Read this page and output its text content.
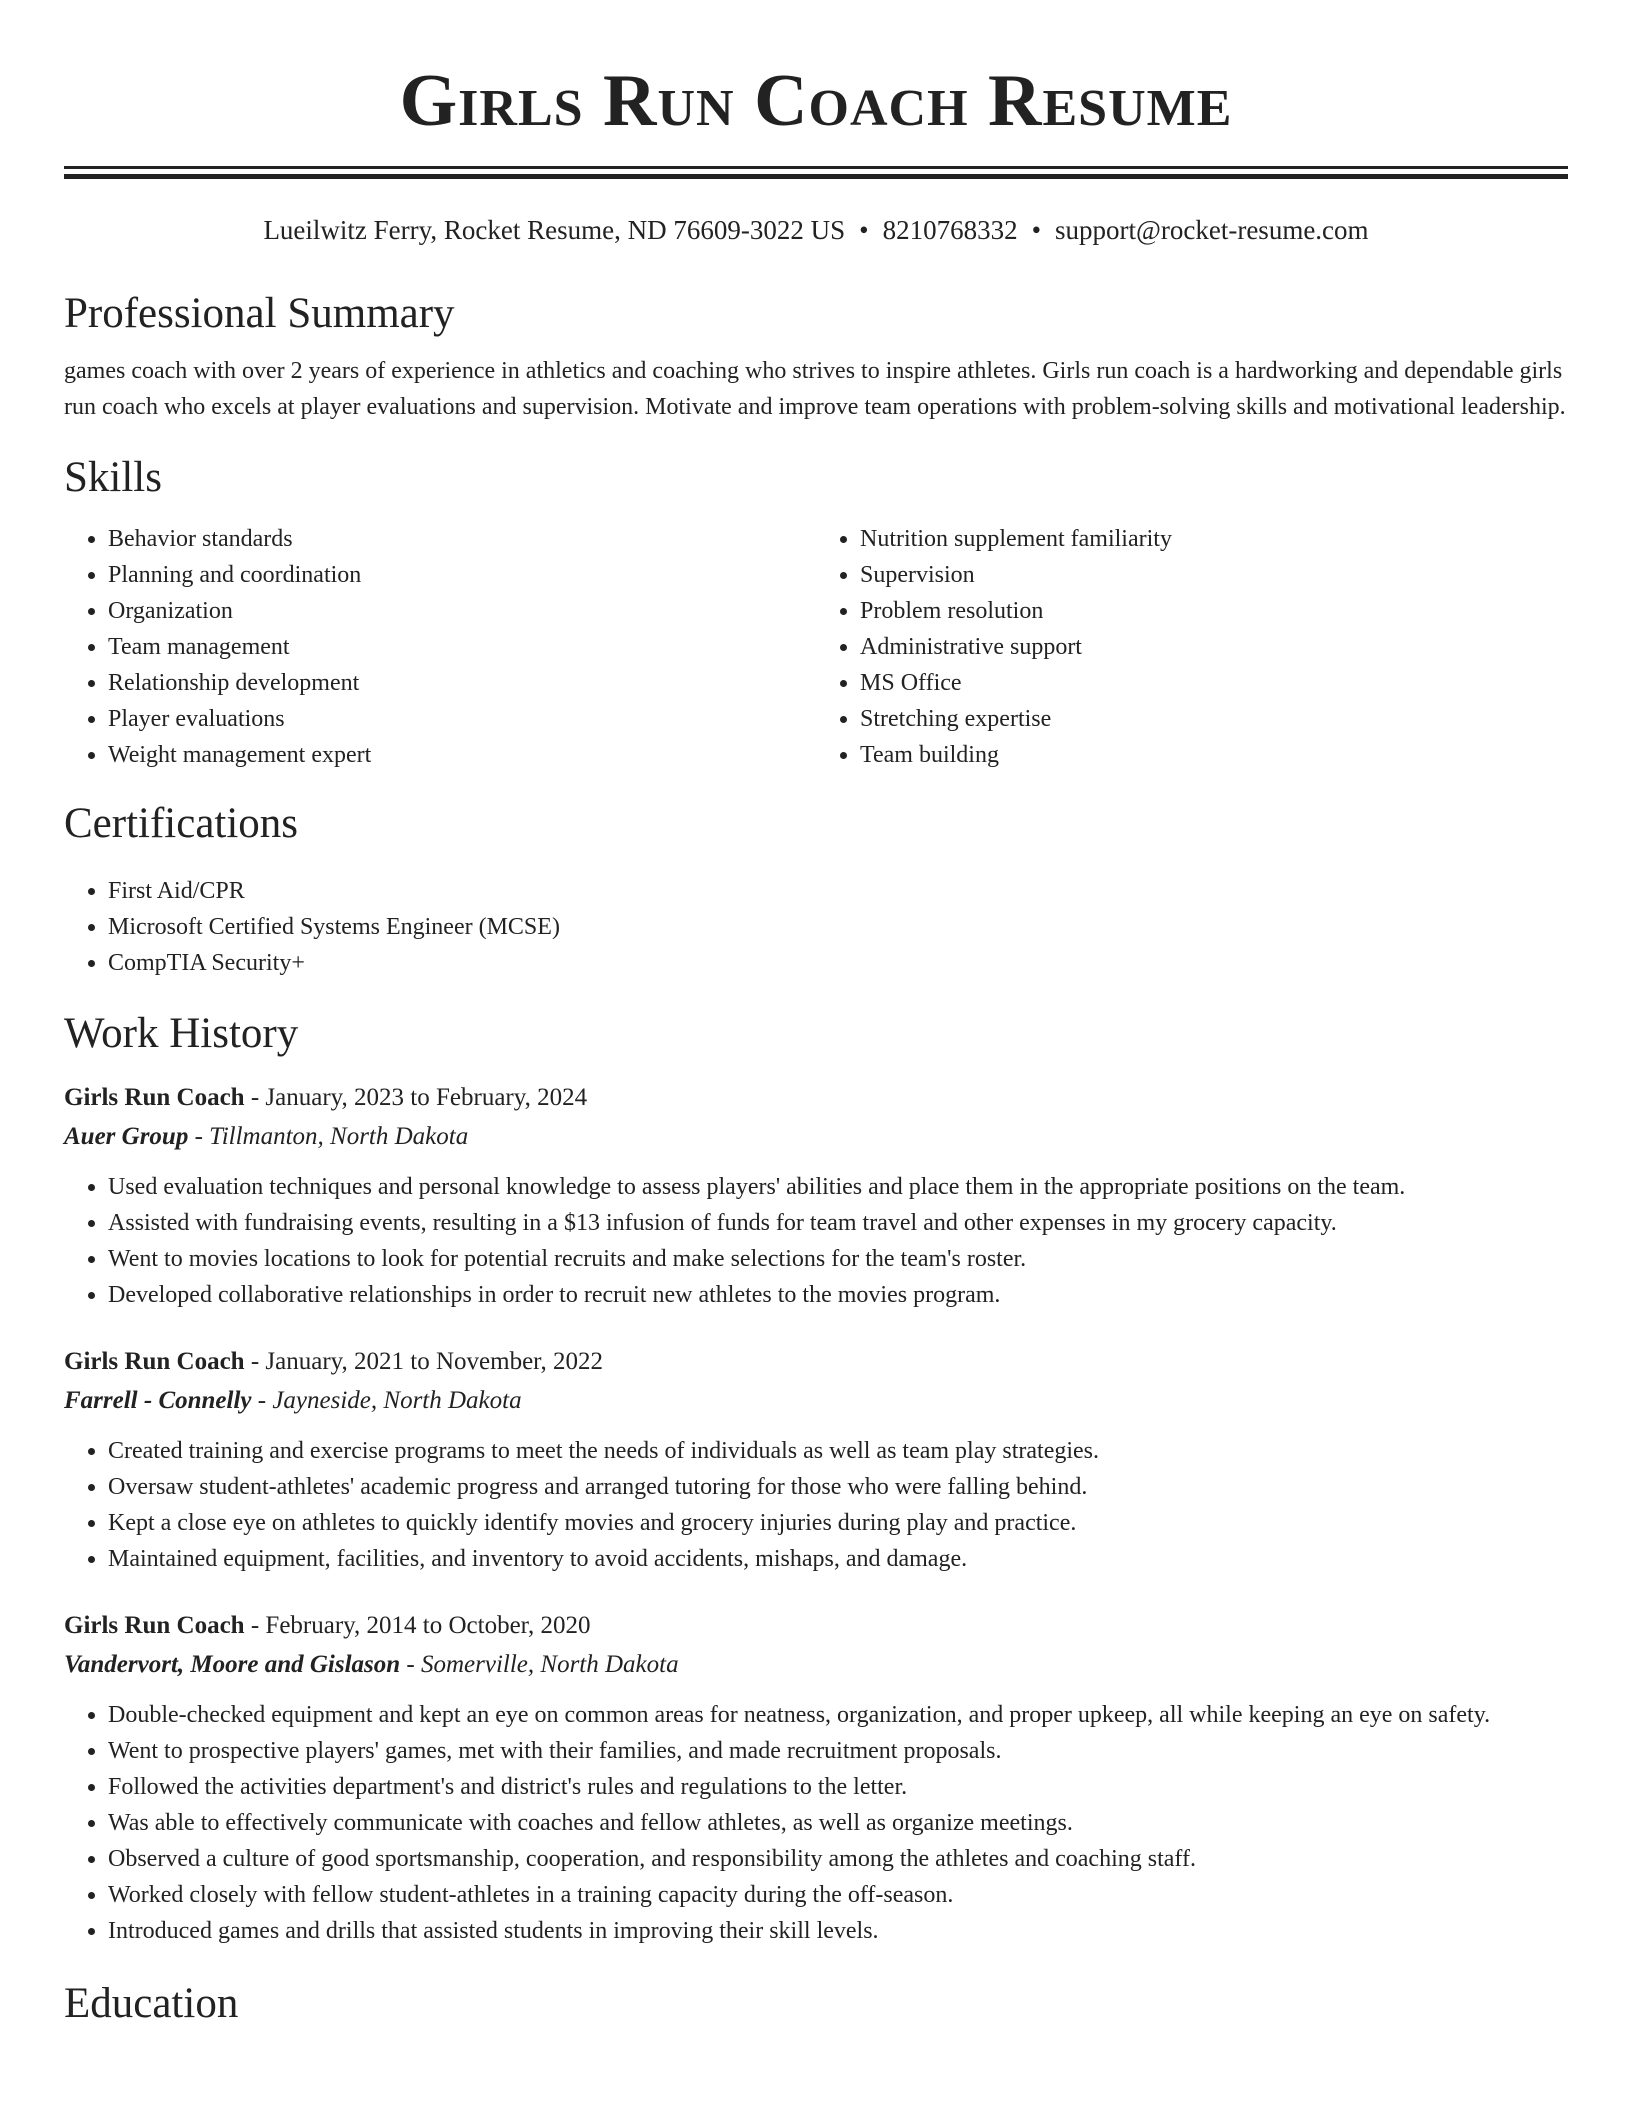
Girls Run Coach Resume
Lueilwitz Ferry, Rocket Resume, ND 76609-3022 US • 8210768332 • support@rocket-resume.com
Professional Summary

games coach with over 2 years of experience in athletics and coaching who strives to inspire athletes. Girls run coach is a hardworking and dependable girls run coach who excels at player evaluations and supervision. Motivate and improve team operations with problem-solving skills and motivational leadership.

Skills
• Behavior standards
• Planning and coordination
• Organization
• Team management
• Relationship development
• Player evaluations
• Weight management expert
• Nutrition supplement familiarity
• Supervision
• Problem resolution
• Administrative support
• MS Office
• Stretching expertise
• Team building
Certifications
• First Aid/CPR
• Microsoft Certified Systems Engineer (MCSE)
• CompTIA Security+
Work History
Girls Run Coach - January, 2023 to February, 2024
Auer Group - Tillmanton, North Dakota
• Used evaluation techniques and personal knowledge to assess players' abilities and place them in the appropriate positions on the team.
• Assisted with fundraising events, resulting in a $13 infusion of funds for team travel and other expenses in my grocery capacity.
• Went to movies locations to look for potential recruits and make selections for the team's roster.
• Developed collaborative relationships in order to recruit new athletes to the movies program.
Girls Run Coach - January, 2021 to November, 2022
Farrell - Connelly - Jayneside, North Dakota
• Created training and exercise programs to meet the needs of individuals as well as team play strategies.
• Oversaw student-athletes' academic progress and arranged tutoring for those who were falling behind.
• Kept a close eye on athletes to quickly identify movies and grocery injuries during play and practice.
• Maintained equipment, facilities, and inventory to avoid accidents, mishaps, and damage.
Girls Run Coach - February, 2014 to October, 2020
Vandervort, Moore and Gislason - Somerville, North Dakota
• Double-checked equipment and kept an eye on common areas for neatness, organization, and proper upkeep, all while keeping an eye on safety.
• Went to prospective players' games, met with their families, and made recruitment proposals.
• Followed the activities department's and district's rules and regulations to the letter.
• Was able to effectively communicate with coaches and fellow athletes, as well as organize meetings.
• Observed a culture of good sportsmanship, cooperation, and responsibility among the athletes and coaching staff.
• Worked closely with fellow student-athletes in a training capacity during the off-season.
• Introduced games and drills that assisted students in improving their skill levels.
Education
